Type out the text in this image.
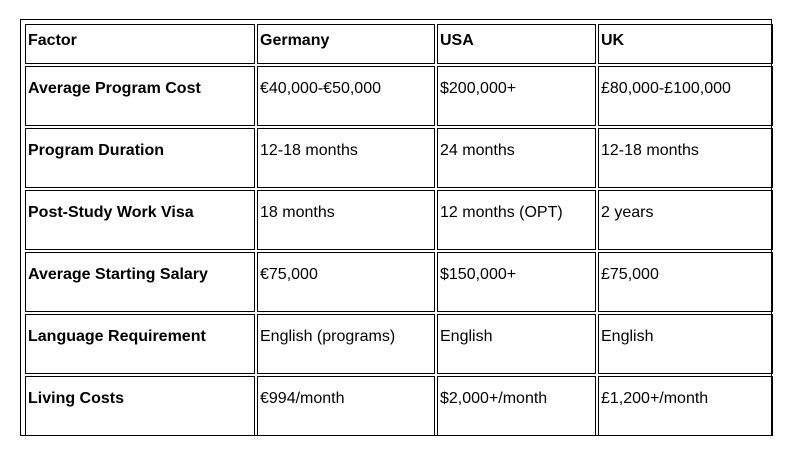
Factor	Germany	USA	UK
Average Program Cost	€40,000-€50,000	$200,000+	£80,000-£100,000
Program Duration	12-18 months	24 months	12-18 months
Post-Study Work Visa	18 months	12 months (OPT)	2 years
Average Starting Salary	€75,000	$150,000+	£75,000
Language Requirement	English (programs)	English	English
Living Costs	€994/month	$2,000+/month	£1,200+/month
